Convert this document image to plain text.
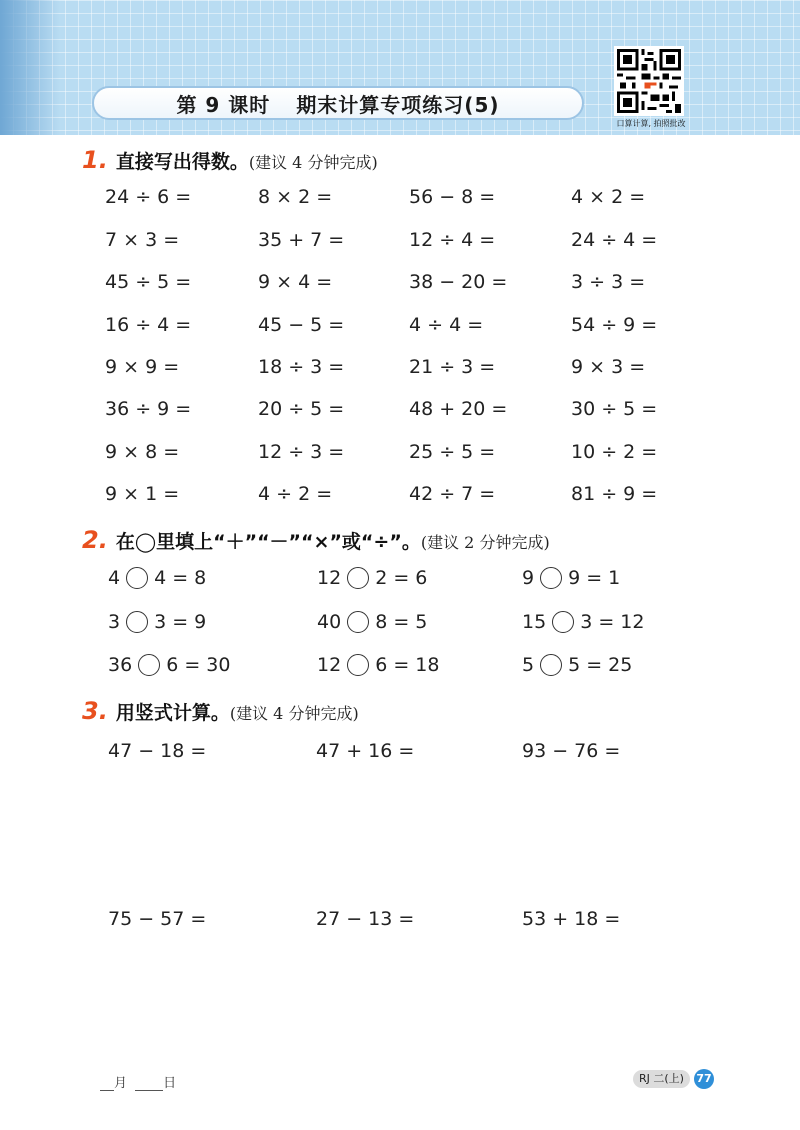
第 9 课时 期末计算专项练习(5)
口算计算, 拍照批改
1. 直接写出得数。 (建议 4 分钟完成)
24 ÷ 6 =	8 × 2 =	56 − 8 =	4 × 2 =
7 × 3 =	35 + 7 =	12 ÷ 4 =	24 ÷ 4 =
45 ÷ 5 =	9 × 4 =	38 − 20 =	3 ÷ 3 =
16 ÷ 4 =	45 − 5 =	4 ÷ 4 =	54 ÷ 9 =
9 × 9 =	18 ÷ 3 =	21 ÷ 3 =	9 × 3 =
36 ÷ 9 =	20 ÷ 5 =	48 + 20 =	30 ÷ 5 =
9 × 8 =	12 ÷ 3 =	25 ÷ 5 =	10 ÷ 2 =
9 × 1 =	4 ÷ 2 =	42 ÷ 7 =	81 ÷ 9 =
2. 在◯里填上“＋”“－”“×”或“÷”。 (建议 2 分钟完成)
4 4 = 8	12 2 = 6	9 9 = 1
3 3 = 9	40 8 = 5	15 3 = 12
36 6 = 30	12 6 = 18	5 5 = 25
3. 用竖式计算。 (建议 4 分钟完成)
47 − 18 =	47 + 16 =	93 − 76 =
75 − 57 =	27 − 13 =	53 + 18 =
月	日	RJ 二(上)	77
